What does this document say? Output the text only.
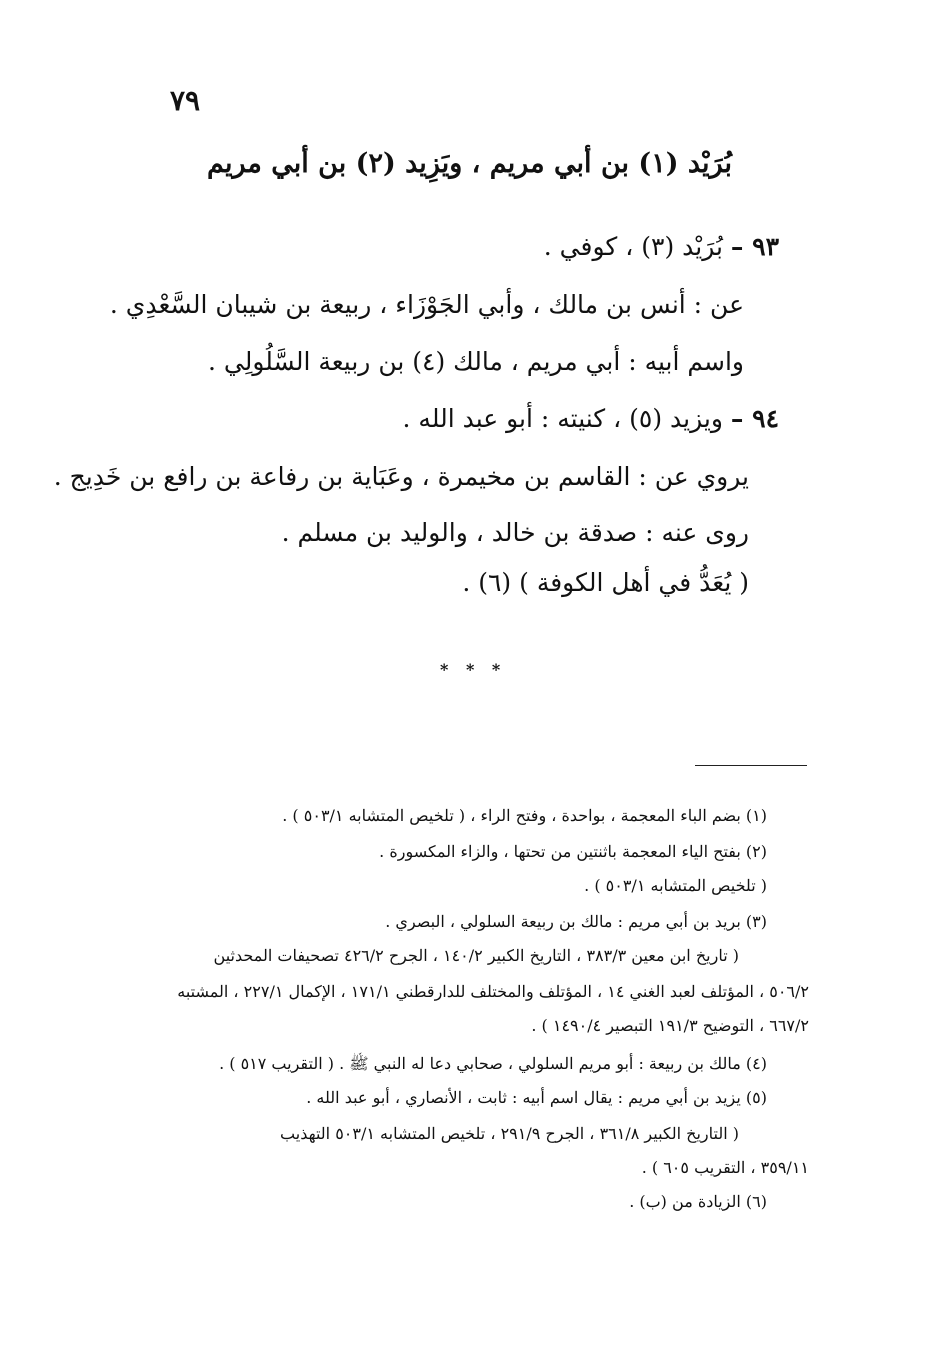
٧٩
بُرَيْد (١) بن أبي مريم ، ويَزِيد (٢) بن أبي مريم
٩٣ – بُرَيْد (٣) ، كوفي .
عن : أنس بن مالك ، وأبي الجَوْزَاء ، ربيعة بن شيبان السَّعْدِي .
واسم أبيه : أبي مريم ، مالك (٤) بن ربيعة السَّلُولِي .
٩٤ – ويزيد (٥) ، كنيته : أبو عبد الله .
يروي عن : القاسم بن مخيمرة ، وعَبَاية بن رفاعة بن رافع بن خَدِيج .
روى عنه : صدقة بن خالد ، والوليد بن مسلم .
( يُعَدُّ في أهل الكوفة ) (٦) .
* * *
(١) بضم الباء المعجمة ، بواحدة ، وفتح الراء ، ( تلخيص المتشابه ٥٠٣/١ ) .
(٢) بفتح الياء المعجمة باثنتين من تحتها ، والزاء المكسورة .
( تلخيص المتشابه ٥٠٣/١ ) .
(٣) بريد بن أبي مريم : مالك بن ربيعة السلولي ، البصري .
( تاريخ ابن معين ٣٨٣/٣ ، التاريخ الكبير ١٤٠/٢ ، الجرح ٤٢٦/٢ تصحيفات المحدثين
٥٠٦/٢ ، المؤتلف لعبد الغني ١٤ ، المؤتلف والمختلف للدارقطني ١٧١/١ ، الإكمال ٢٢٧/١ ، المشتبه
٦٦٧/٢ ، التوضيح ١٩١/٣ التبصير ١٤٩٠/٤ ) .
(٤) مالك بن ربيعة : أبو مريم السلولي ، صحابي دعا له النبي ﷺ . ( التقريب ٥١٧ ) .
(٥) يزيد بن أبي مريم : يقال اسم أبيه : ثابت ، الأنصاري ، أبو عبد الله .
( التاريخ الكبير ٣٦١/٨ ، الجرح ٢٩١/٩ ، تلخيص المتشابه ٥٠٣/١ التهذيب
٣٥٩/١١ ، التقريب ٦٠٥ ) .
(٦) الزيادة من (ب) .
